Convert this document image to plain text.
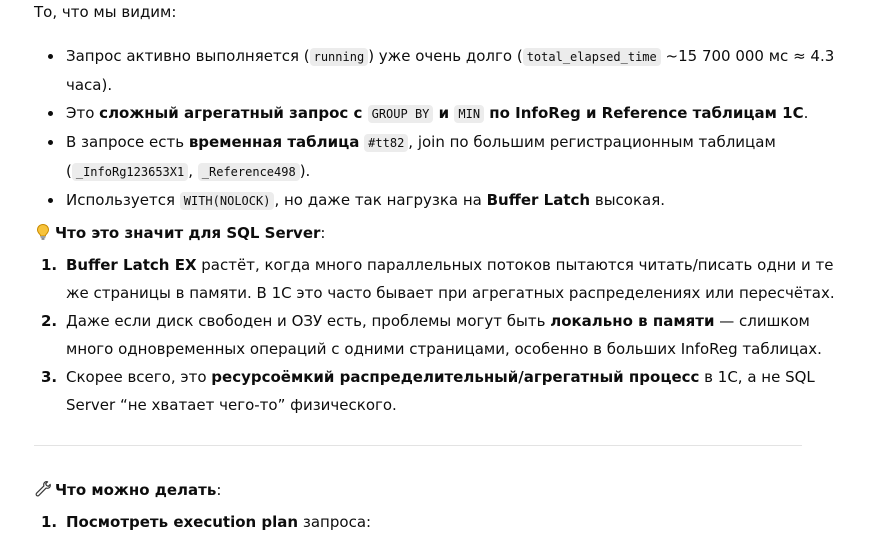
То, что мы видим:
Запрос активно выполняется ( running ) уже очень долго ( total_elapsed_time ~15 700 000 мс ≈ 4.3 часа).
Это сложный агрегатный запрос с GROUP BY и MIN по InfoReg и Reference таблицам 1С.
В запросе есть временная таблица #tt82 , join по большим регистрационным таблицам ( _InfoRg123653X1 , _Reference498 ).
Используется WITH(NOLOCK) , но даже так нагрузка на Buffer Latch высокая.
Что это значит для SQL Server:
1. Buffer Latch EX растёт, когда много параллельных потоков пытаются читать/писать одни и те же страницы в памяти. В 1С это часто бывает при агрегатных распределениях или пересчётах.
2. Даже если диск свободен и ОЗУ есть, проблемы могут быть локально в памяти — слишком много одновременных операций с одними страницами, особенно в больших InfoReg таблицах.
3. Скорее всего, это ресурсоёмкий распределительный/агрегатный процесс в 1С, а не SQL Server “не хватает чего-то” физического.
Что можно делать:
1. Посмотреть execution plan запроса:
